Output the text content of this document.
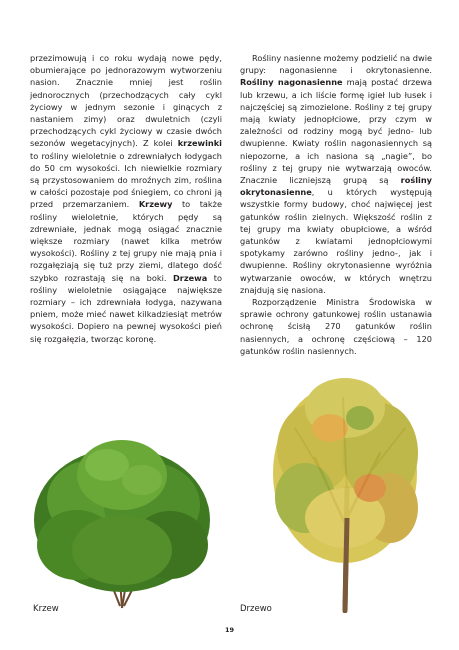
przezimowują i co roku wydają nowe pędy, obumierające po jednorazowym wytworzeniu nasion. Znacznie mniej jest roślin jednorocznych (przechodzących cały cykl życiowy w jednym sezonie i ginących z nastaniem zimy) oraz dwuletnich (czyli przechodzących cykl życiowy w czasie dwóch sezonów wegetacyjnych). Z kolei krzewinki to rośliny wieloletnie o zdrewniałych łodygach do 50 cm wysokości. Ich niewielkie rozmiary są przystosowaniem do mroźnych zim, roślina w całości pozostaje pod śniegiem, co chroni ją przed przemarzaniem. Krzewy to także rośliny wieloletnie, których pędy są zdrewniałe, jednak mogą osiągać znacznie większe rozmiary (nawet kilka metrów wysokości). Rośliny z tej grupy nie mają pnia i rozgałęziają się tuż przy ziemi, dlatego dość szybko rozrastają się na boki. Drzewa to rośliny wieloletnie osiągające największe rozmiary – ich zdrewniała łodyga, nazywana pniem, może mieć nawet kilkadziesiąt metrów wysokości. Dopiero na pewnej wysokości pień się rozgałęzia, tworząc koronę.

Rośliny nasienne możemy podzielić na dwie grupy: nagonasienne i okrytonasienne. Rośliny nagonasienne mają postać drzewa lub krzewu, a ich liście formę igieł lub łusek i najczęściej są zimozielone. Rośliny z tej grupy mają kwiaty jednopłciowe, przy czym w zależności od rodziny mogą być jedno- lub dwupienne. Kwiaty roślin nagonasiennych są niepozorne, a ich nasiona są „nagie”, bo rośliny z tej grupy nie wytwarzają owoców. Znacznie liczniejszą grupą są rośliny okrytonasienne, u których występują wszystkie formy budowy, choć najwięcej jest gatunków roślin zielnych. Większość roślin z tej grupy ma kwiaty obupłciowe, a wśród gatunków z kwiatami jednopłciowymi spotykamy zarówno rośliny jedno-, jak i dwupienne. Rośliny okrytonasienne wyróżnia wytwarzanie owoców, w których wnętrzu znajdują się nasiona.

Rozporządzenie Ministra Środowiska w sprawie ochrony gatunkowej roślin ustanawia ochronę ścisłą 270 gatunków roślin nasiennych, a ochronę częściową – 120 gatunków roślin nasiennych.

Krzew	Drzewo
19
